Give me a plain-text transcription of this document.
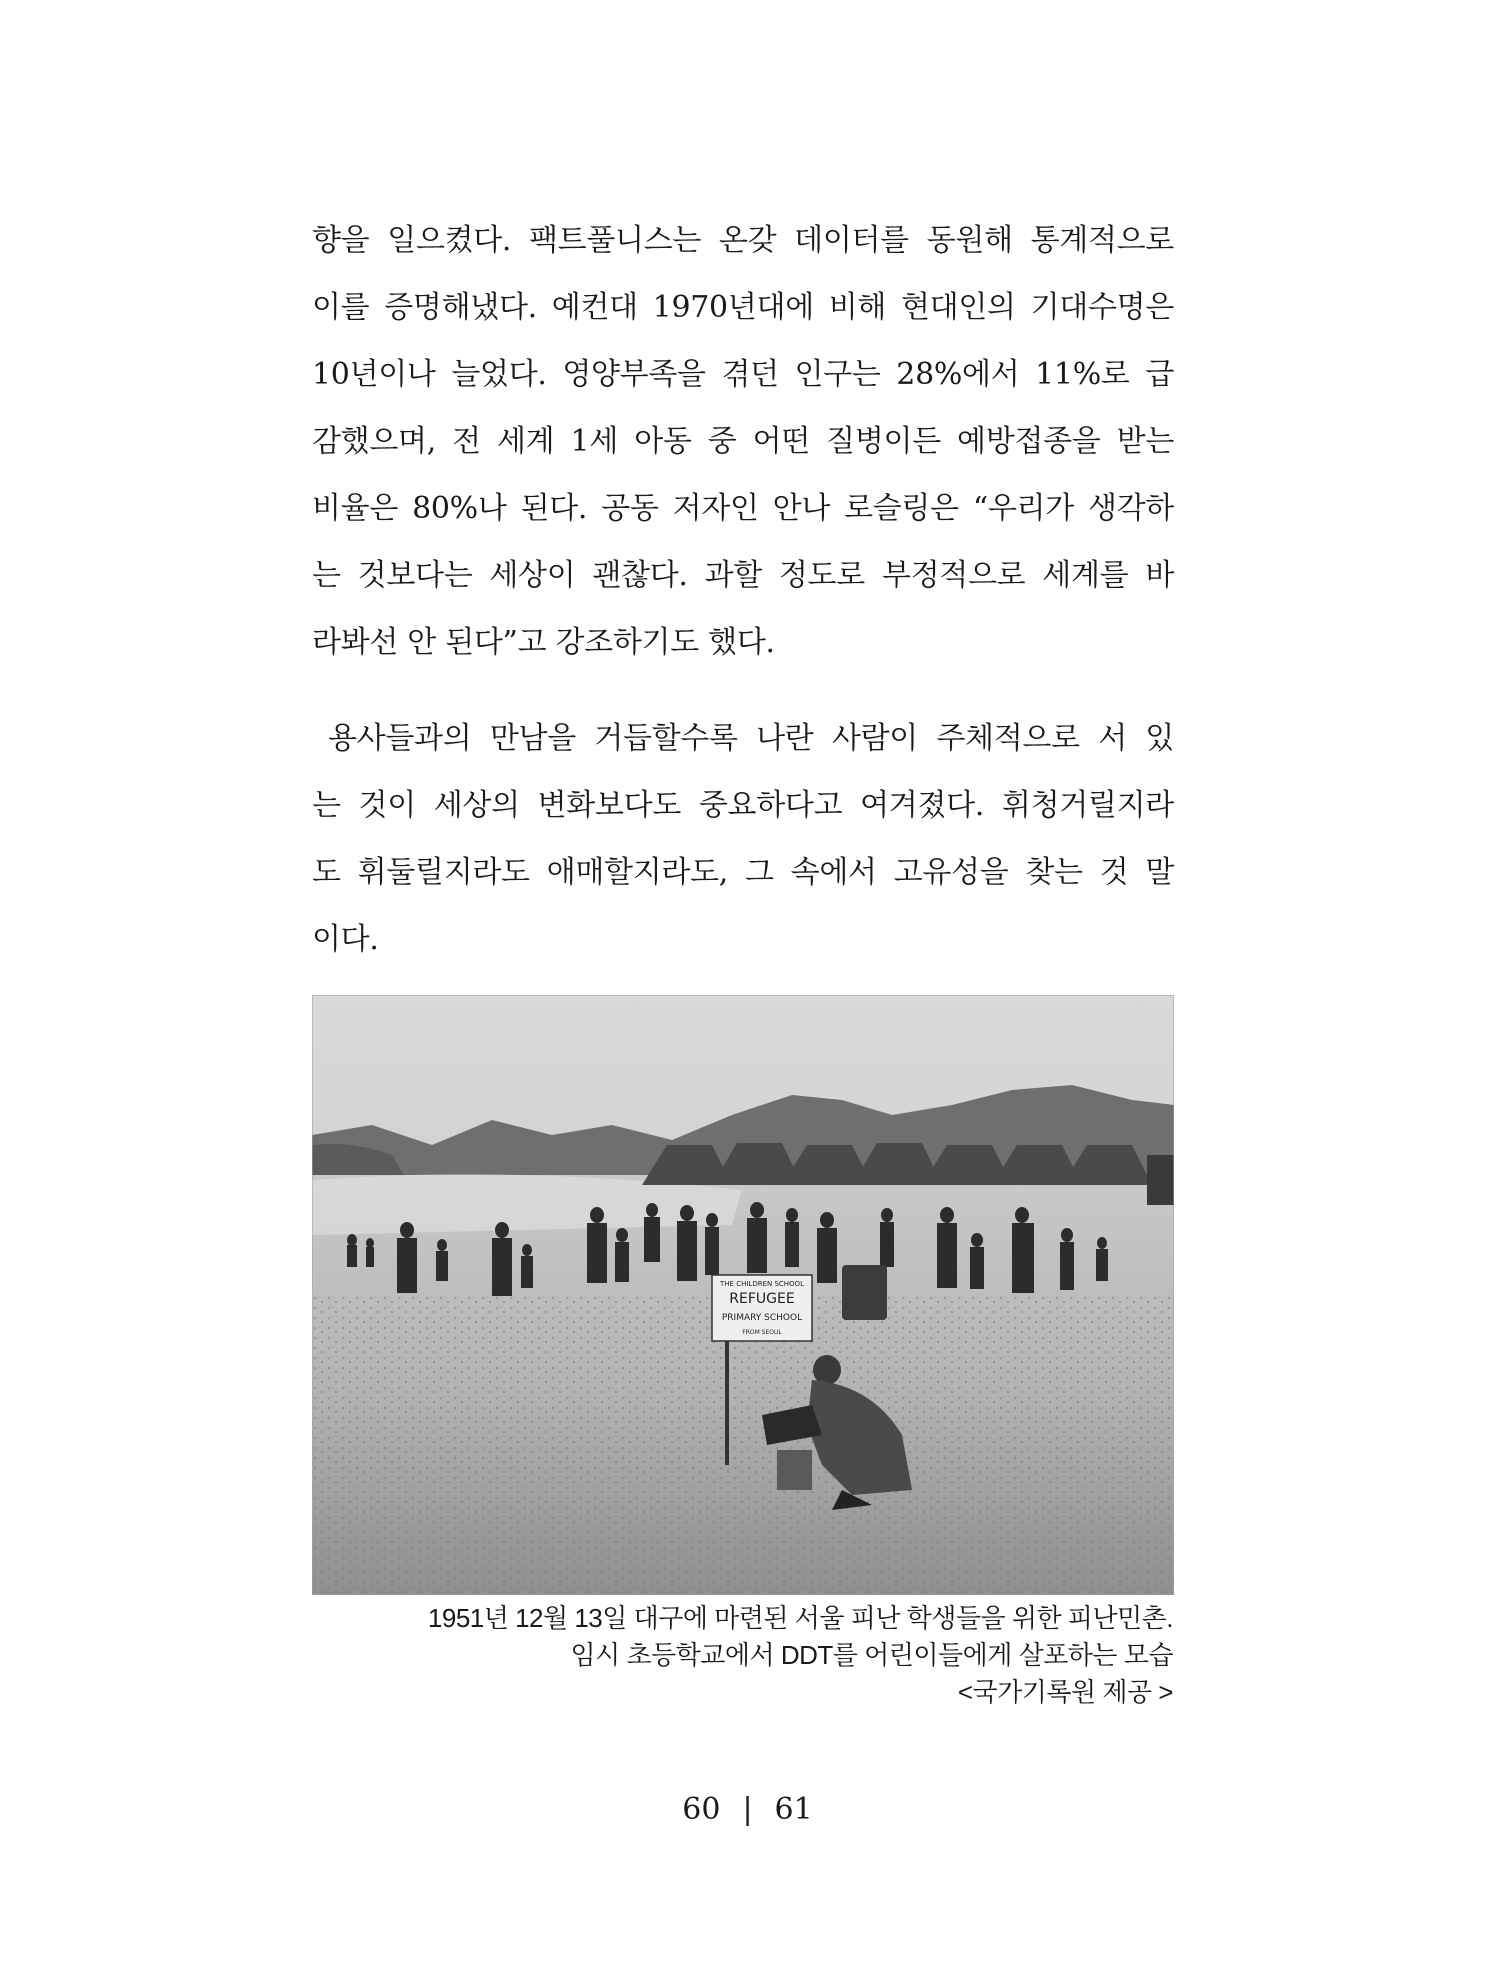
향을 일으켰다. 팩트풀니스는 온갖 데이터를 동원해 통계적으로
이를 증명해냈다. 예컨대 1970년대에 비해 현대인의 기대수명은
10년이나 늘었다. 영양부족을 겪던 인구는 28%에서 11%로 급
감했으며, 전 세계 1세 아동 중 어떤 질병이든 예방접종을 받는
비율은 80%나 된다. 공동 저자인 안나 로슬링은 “우리가 생각하
는 것보다는 세상이 괜찮다. 과할 정도로 부정적으로 세계를 바
라봐선 안 된다”고 강조하기도 했다.
용사들과의 만남을 거듭할수록 나란 사람이 주체적으로 서 있
는 것이 세상의 변화보다도 중요하다고 여겨졌다. 휘청거릴지라
도 휘둘릴지라도 애매할지라도, 그 속에서 고유성을 찾는 것 말
이다.
THE CHILDREN SCHOOL
REFUGEE
PRIMARY SCHOOL
FROM SEOUL
1951년 12월 13일 대구에 마련된 서울 피난 학생들을 위한 피난민촌.
임시 초등학교에서 DDT를 어린이들에게 살포하는 모습
<국가기록원 제공 >
60 | 61
